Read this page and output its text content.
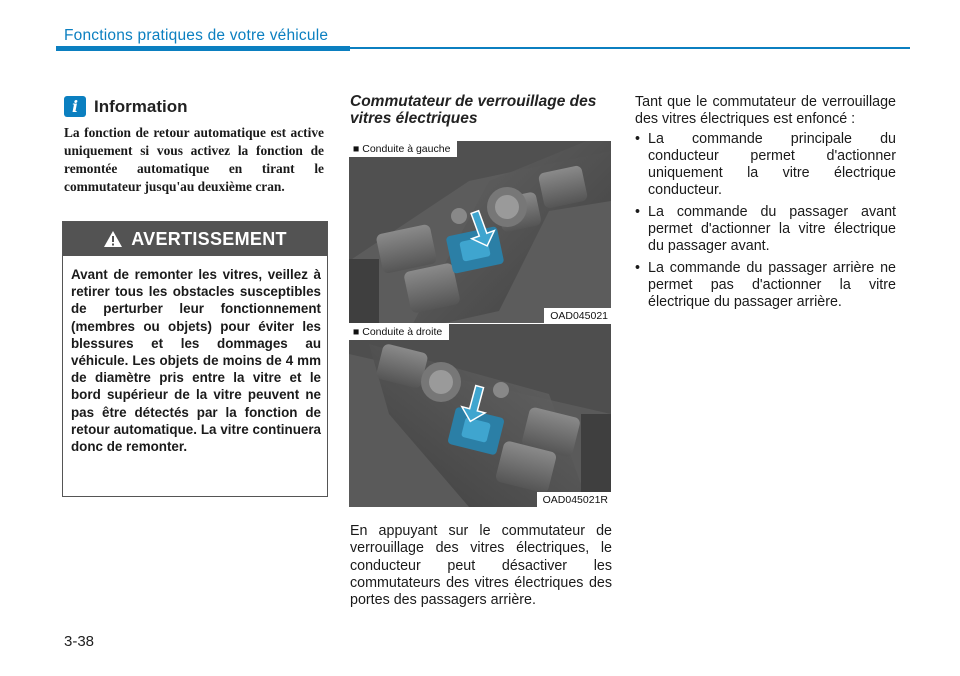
Fonctions pratiques de votre véhicule
i Information
La fonction de retour automatique est active uniquement si vous activez la fonction de remontée automatique en tirant le commutateur jusqu'au deuxième cran.
AVERTISSEMENT
Avant de remonter les vitres, veillez à retirer tous les obstacles susceptibles de perturber leur fonctionnement (membres ou objets) pour éviter les blessures et les dommages au véhicule. Les objets de moins de 4 mm de diamètre pris entre la vitre et le bord supérieur de la vitre peuvent ne pas être détectés par la fonction de retour automatique. La vitre continuera donc de remonter.
Commutateur de verrouillage des vitres électriques
■ Conduite à gauche
OAD045021
■ Conduite à droite
OAD045021R
En appuyant sur le commutateur de verrouillage des vitres électriques, le conducteur peut désactiver les commutateurs des vitres électriques des portes des passagers arrière.

Tant que le commutateur de verrouillage des vitres électriques est enfoncé :

• La commande principale du conducteur permet d'actionner uniquement la vitre électrique conducteur.
• La commande du passager avant permet d'actionner la vitre électrique du passager avant.
• La commande du passager arrière ne permet pas d'actionner la vitre électrique du passager arrière.
3-38
